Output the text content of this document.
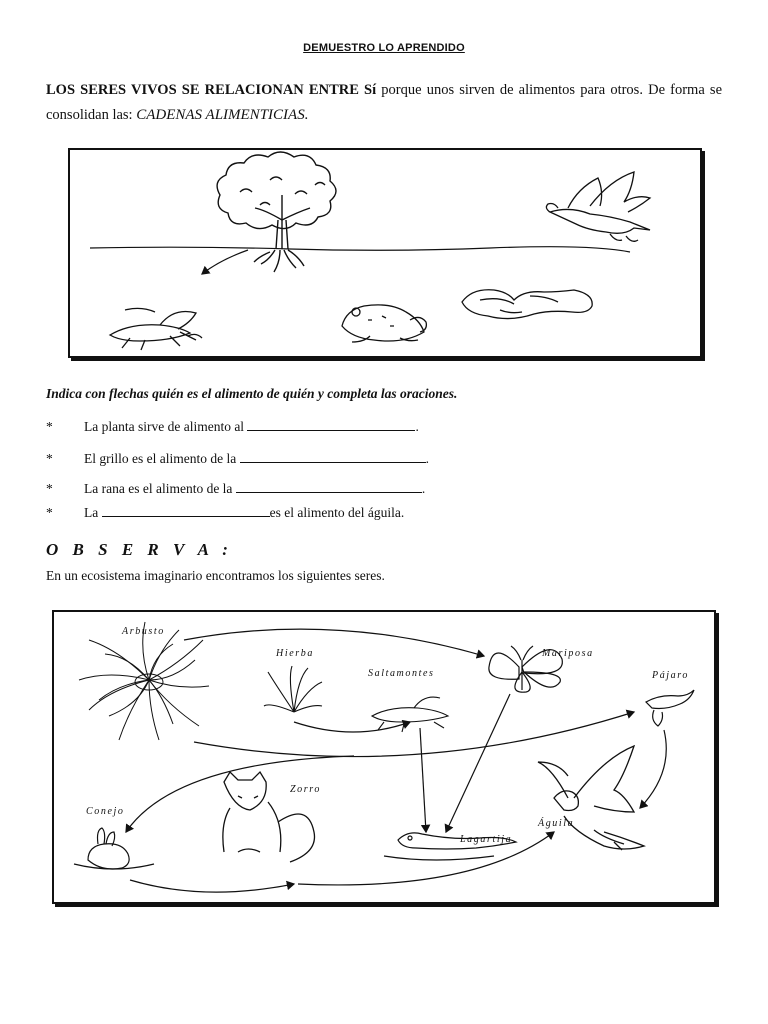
DEMUESTRO LO APRENDIDO
LOS SERES VIVOS SE RELACIONAN ENTRE Sí porque unos sirven de alimentos para otros. De forma se consolidan las: CADENAS ALIMENTICIAS.
Indica con flechas quién es el alimento de quién y completa las oraciones.
* La planta sirve de alimento al	.
* El grillo es el alimento de la	.
* La rana es el alimento de la	.
* La	es el alimento del águila.
O B S E R V A :
En un ecosistema imaginario encontramos los siguientes seres.
Arbusto
Hierba
Saltamontes
Mariposa
Pájaro
Conejo
Zorro
Águila
Lagartija
